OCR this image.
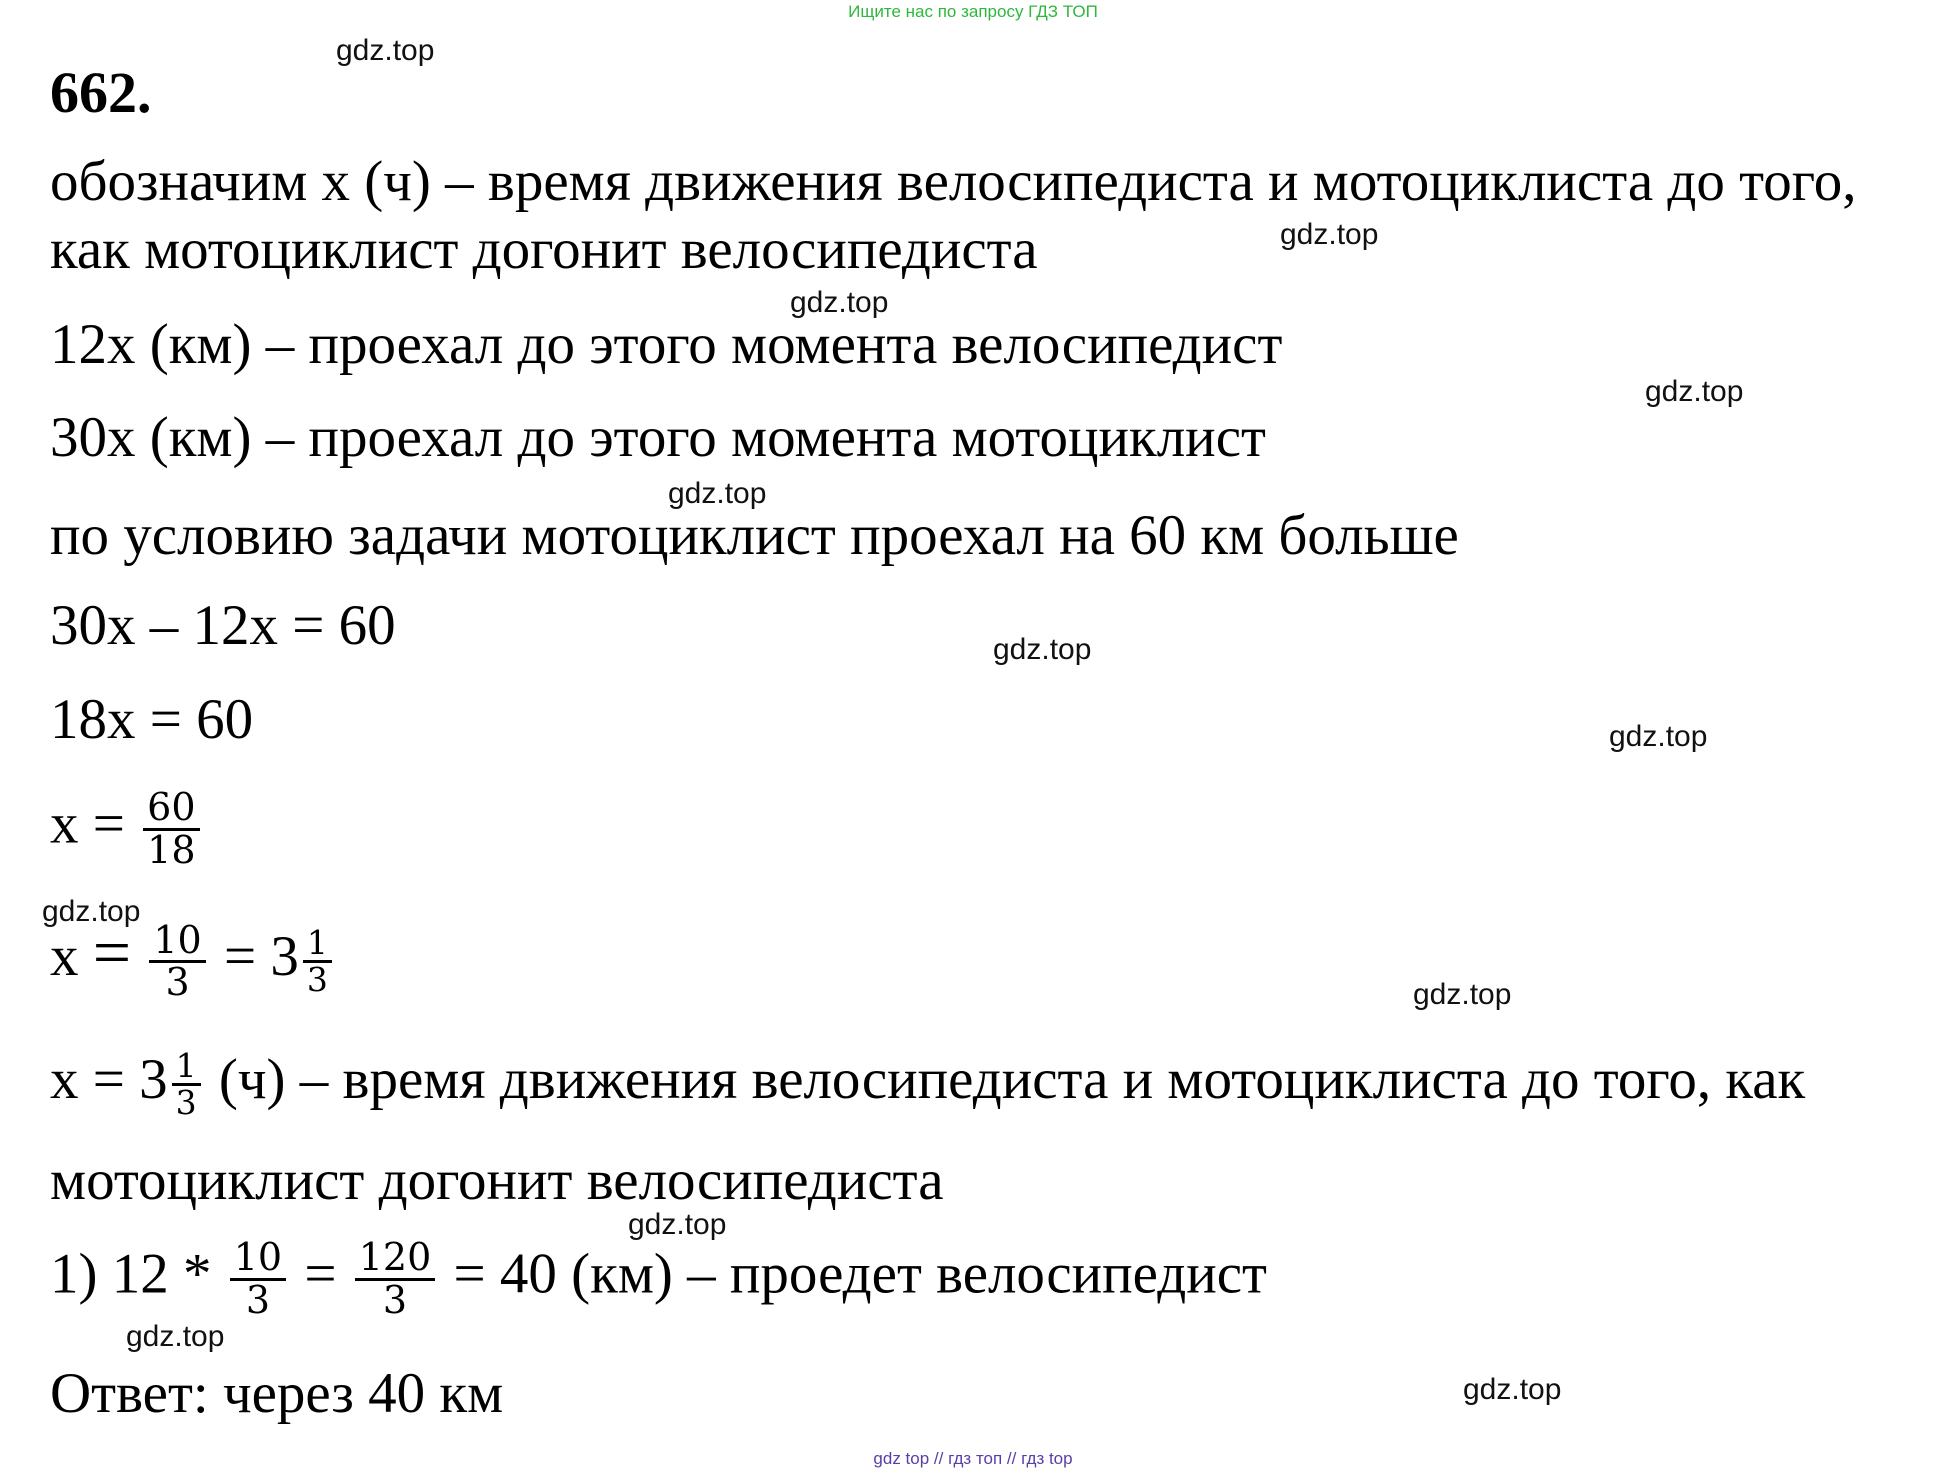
Ищите нас по запросу ГДЗ ТОП
662.
gdz.top
gdz.top
gdz.top
gdz.top
gdz.top
gdz.top
gdz.top
gdz.top
gdz.top
gdz.top
gdz.top
gdz.top
обозначим x (ч) – время движения велосипедиста и мотоциклиста до того,
как мотоциклист догонит велосипедиста
12x (км) – проехал до этого момента велосипедист
30x (км) – проехал до этого момента мотоциклист
по условию задачи мотоциклист проехал на 60 км больше
30x – 12x = 60
18x = 60
$x = \frac{60}{18}$
$x = \frac{10}{3} = 3 \frac{1}{3}$
$x = 3 \frac{1}{3} (ч)$ – время движения велосипедиста и мотоциклиста до того, как
мотоциклист догонит велосипедиста
1) $12 * \frac{10}{3} = \frac{120}{3} = 40$ (км) – проедет велосипедист
Ответ: через 40 км
gdz top // гдз топ // гдз top
